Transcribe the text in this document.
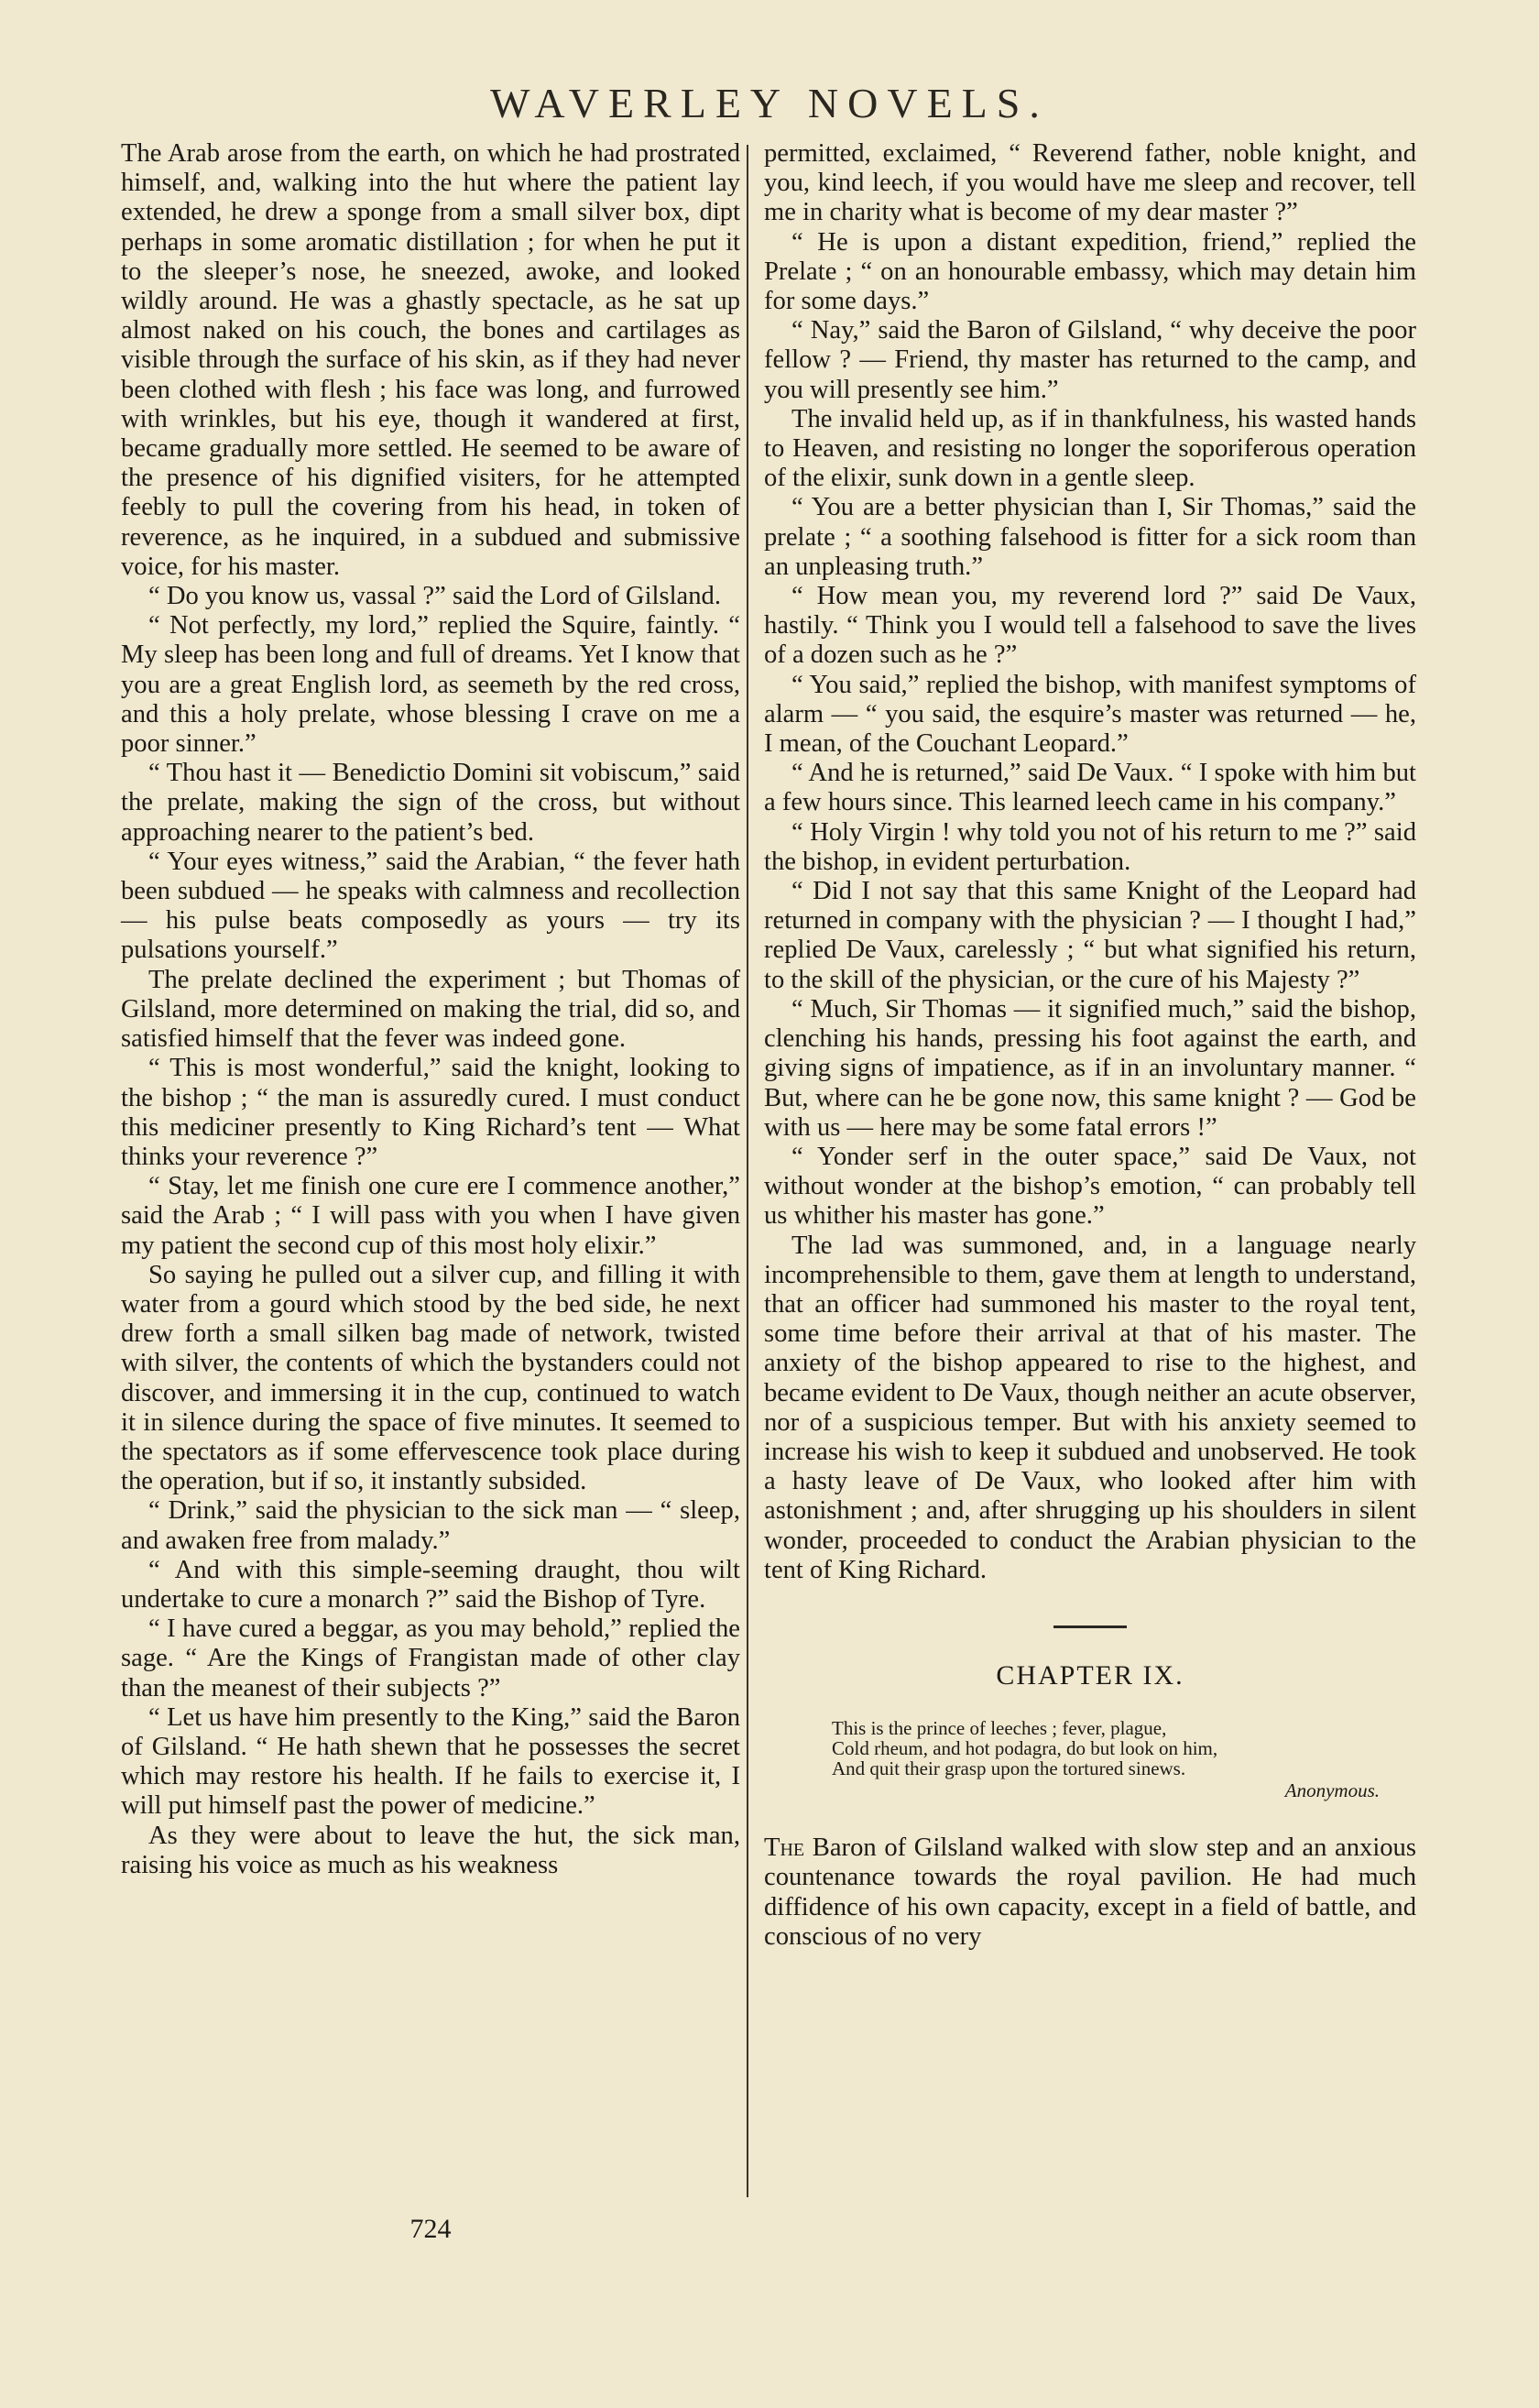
WAVERLEY NOVELS.

The Arab arose from the earth, on which he had prostrated himself, and, walking into the hut where the patient lay extended, he drew a sponge from a small silver box, dipt perhaps in some aromatic distillation ; for when he put it to the sleeper’s nose, he sneezed, awoke, and looked wildly around. He was a ghastly spectacle, as he sat up almost naked on his couch, the bones and cartilages as visible through the surface of his skin, as if they had never been clothed with flesh ; his face was long, and furrowed with wrinkles, but his eye, though it wandered at first, became gradually more settled. He seemed to be aware of the presence of his dignified visiters, for he attempted feebly to pull the covering from his head, in token of reverence, as he inquired, in a subdued and submissive voice, for his master.

“ Do you know us, vassal ?” said the Lord of Gilsland.

“ Not perfectly, my lord,” replied the Squire, faintly. “ My sleep has been long and full of dreams. Yet I know that you are a great English lord, as seemeth by the red cross, and this a holy prelate, whose blessing I crave on me a poor sinner.”

“ Thou hast it — Benedictio Domini sit vobiscum,” said the prelate, making the sign of the cross, but without approaching nearer to the patient’s bed.

“ Your eyes witness,” said the Arabian, “ the fever hath been subdued — he speaks with calmness and recollection — his pulse beats composedly as yours — try its pulsations yourself.”

The prelate declined the experiment ; but Thomas of Gilsland, more determined on making the trial, did so, and satisfied himself that the fever was indeed gone.

“ This is most wonderful,” said the knight, looking to the bishop ; “ the man is assuredly cured. I must conduct this mediciner presently to King Richard’s tent — What thinks your reverence ?”

“ Stay, let me finish one cure ere I commence another,” said the Arab ; “ I will pass with you when I have given my patient the second cup of this most holy elixir.”

So saying he pulled out a silver cup, and filling it with water from a gourd which stood by the bed side, he next drew forth a small silken bag made of network, twisted with silver, the contents of which the bystanders could not discover, and immersing it in the cup, continued to watch it in silence during the space of five minutes. It seemed to the spectators as if some effervescence took place during the operation, but if so, it instantly subsided.

“ Drink,” said the physician to the sick man — “ sleep, and awaken free from malady.”

“ And with this simple-seeming draught, thou wilt undertake to cure a monarch ?” said the Bishop of Tyre.

“ I have cured a beggar, as you may behold,” replied the sage. “ Are the Kings of Frangistan made of other clay than the meanest of their subjects ?”

“ Let us have him presently to the King,” said the Baron of Gilsland. “ He hath shewn that he possesses the secret which may restore his health. If he fails to exercise it, I will put himself past the power of medicine.”

As they were about to leave the hut, the sick man, raising his voice as much as his weakness

permitted, exclaimed, “ Reverend father, noble knight, and you, kind leech, if you would have me sleep and recover, tell me in charity what is become of my dear master ?”

“ He is upon a distant expedition, friend,” replied the Prelate ; “ on an honourable embassy, which may detain him for some days.”

“ Nay,” said the Baron of Gilsland, “ why deceive the poor fellow ? — Friend, thy master has returned to the camp, and you will presently see him.”

The invalid held up, as if in thankfulness, his wasted hands to Heaven, and resisting no longer the soporiferous operation of the elixir, sunk down in a gentle sleep.

“ You are a better physician than I, Sir Thomas,” said the prelate ; “ a soothing falsehood is fitter for a sick room than an unpleasing truth.”

“ How mean you, my reverend lord ?” said De Vaux, hastily. “ Think you I would tell a falsehood to save the lives of a dozen such as he ?”

“ You said,” replied the bishop, with manifest symptoms of alarm — “ you said, the esquire’s master was returned — he, I mean, of the Couchant Leopard.”

“ And he is returned,” said De Vaux. “ I spoke with him but a few hours since. This learned leech came in his company.”

“ Holy Virgin ! why told you not of his return to me ?” said the bishop, in evident perturbation.

“ Did I not say that this same Knight of the Leopard had returned in company with the physician ? — I thought I had,” replied De Vaux, carelessly ; “ but what signified his return, to the skill of the physician, or the cure of his Majesty ?”

“ Much, Sir Thomas — it signified much,” said the bishop, clenching his hands, pressing his foot against the earth, and giving signs of impatience, as if in an involuntary manner. “ But, where can he be gone now, this same knight ? — God be with us — here may be some fatal errors !”

“ Yonder serf in the outer space,” said De Vaux, not without wonder at the bishop’s emotion, “ can probably tell us whither his master has gone.”

The lad was summoned, and, in a language nearly incomprehensible to them, gave them at length to understand, that an officer had summoned his master to the royal tent, some time before their arrival at that of his master. The anxiety of the bishop appeared to rise to the highest, and became evident to De Vaux, though neither an acute observer, nor of a suspicious temper. But with his anxiety seemed to increase his wish to keep it subdued and unobserved. He took a hasty leave of De Vaux, who looked after him with astonishment ; and, after shrugging up his shoulders in silent wonder, proceeded to conduct the Arabian physician to the tent of King Richard.

CHAPTER IX.
This is the prince of leeches ; fever, plague,
Cold rheum, and hot podagra, do but look on him,
And quit their grasp upon the tortured sinews.
Anonymous.

The Baron of Gilsland walked with slow step and an anxious countenance towards the royal pavilion. He had much diffidence of his own capacity, except in a field of battle, and conscious of no very

724
